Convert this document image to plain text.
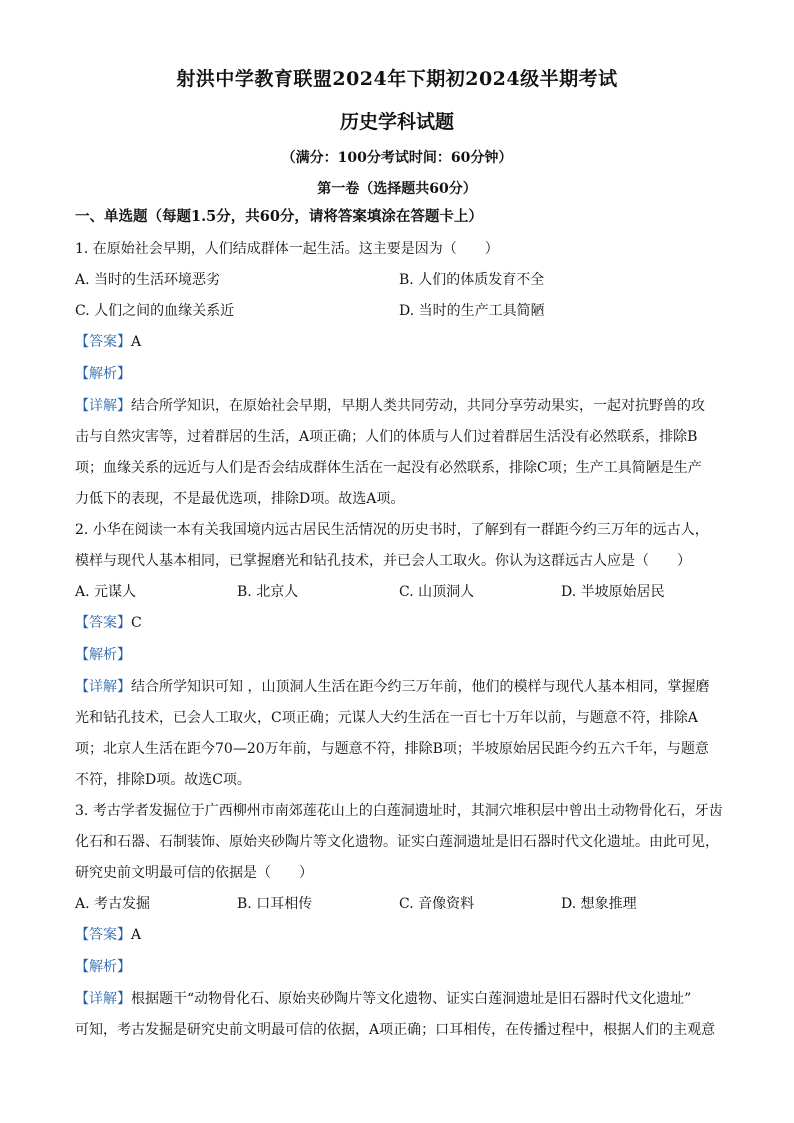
射洪中学教育联盟2024年下期初2024级半期考试
历史学科试题
（满分：100分考试时间：60分钟）
第一卷（选择题共60分）
一、单选题（每题1.5分，共60分，请将答案填涂在答题卡上）
1. 在原始社会早期，人们结成群体一起生活。这主要是因为（　　）
A. 当时的生活环境恶劣	B. 人们的体质发育不全
C. 人们之间的血缘关系近	D. 当时的生产工具简陋
【答案】A
【解析】
【详解】结合所学知识，在原始社会早期，早期人类共同劳动，共同分享劳动果实，一起对抗野兽的攻
击与自然灾害等，过着群居的生活，A项正确；人们的体质与人们过着群居生活没有必然联系，排除B
项；血缘关系的远近与人们是否会结成群体生活在一起没有必然联系，排除C项；生产工具简陋是生产
力低下的表现，不是最优选项，排除D项。故选A项。
2. 小华在阅读一本有关我国境内远古居民生活情况的历史书时，了解到有一群距今约三万年的远古人，
模样与现代人基本相同，已掌握磨光和钻孔技术，并已会人工取火。你认为这群远古人应是（　　）
A. 元谋人	B. 北京人	C. 山顶洞人	D. 半坡原始居民
【答案】C
【解析】
【详解】结合所学知识可知 ，山顶洞人生活在距今约三万年前，他们的模样与现代人基本相同，掌握磨
光和钻孔技术，已会人工取火，C项正确；元谋人大约生活在一百七十万年以前，与题意不符，排除A
项；北京人生活在距今70—20万年前，与题意不符，排除B项；半坡原始居民距今约五六千年，与题意
不符，排除D项。故选C项。
3. 考古学者发掘位于广西柳州市南郊莲花山上的白莲洞遗址时，其洞穴堆积层中曾出土动物骨化石，牙齿
化石和石器、石制装饰、原始夹砂陶片等文化遗物。证实白莲洞遗址是旧石器时代文化遗址。由此可见，
研究史前文明最可信的依据是（　　）
A. 考古发掘	B. 口耳相传	C. 音像资料	D. 想象推理
【答案】A
【解析】
【详解】根据题干“动物骨化石、原始夹砂陶片等文化遗物、证实白莲洞遗址是旧石器时代文化遗址”
可知，考古发掘是研究史前文明最可信的依据，A项正确；口耳相传，在传播过程中，根据人们的主观意
